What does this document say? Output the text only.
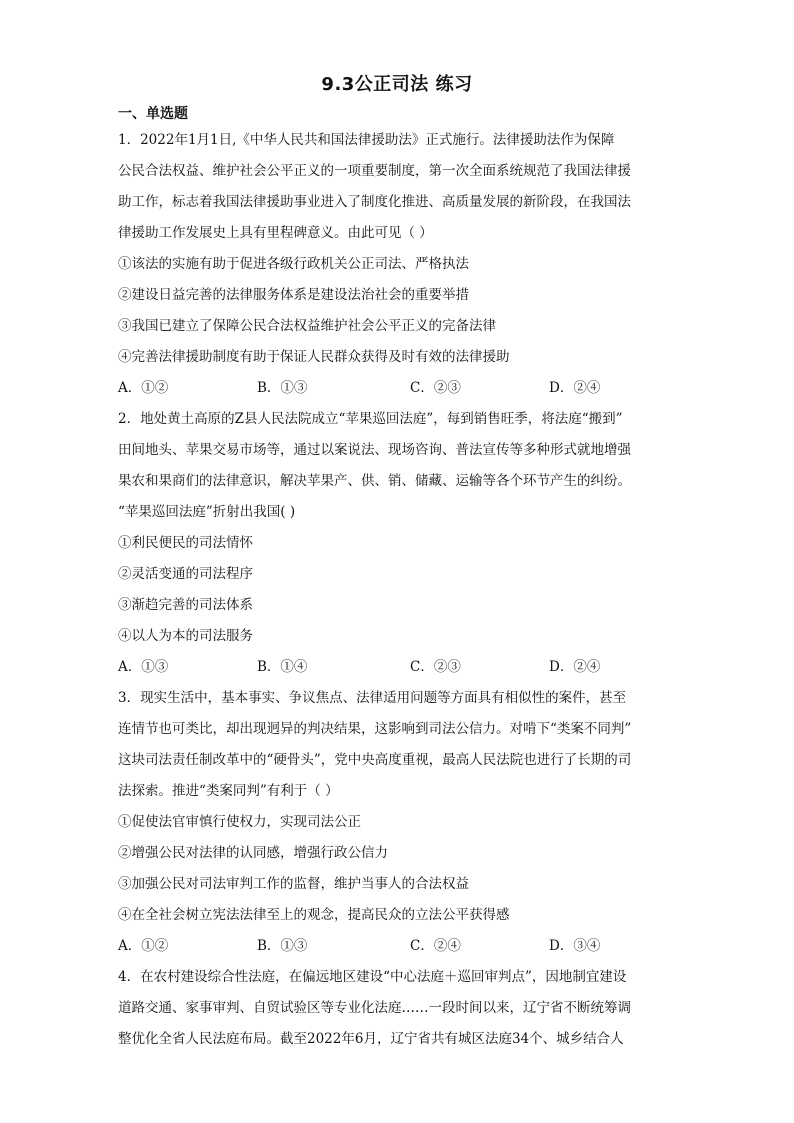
9.3公正司法 练习
一、单选题
1．2022年1月1日,《中华人民共和国法律援助法》正式施行。法律援助法作为保障
公民合法权益、维护社会公平正义的一项重要制度，第一次全面系统规范了我国法律援
助工作，标志着我国法律援助事业进入了制度化推进、高质量发展的新阶段，在我国法
律援助工作发展史上具有里程碑意义。由此可见（ ）
①该法的实施有助于促进各级行政机关公正司法、严格执法
②建设日益完善的法律服务体系是建设法治社会的重要举措
③我国已建立了保障公民合法权益维护社会公平正义的完备法律
④完善法律援助制度有助于保证人民群众获得及时有效的法律援助
A．①②	B．①③	C．②③	D．②④
2．地处黄土高原的Z县人民法院成立“苹果巡回法庭”，每到销售旺季，将法庭“搬到”
田间地头、苹果交易市场等，通过以案说法、现场咨询、普法宣传等多种形式就地增强
果农和果商们的法律意识，解决苹果产、供、销、储藏、运输等各个环节产生的纠纷。
“苹果巡回法庭”折射出我国( )
①利民便民的司法情怀
②灵活变通的司法程序
③渐趋完善的司法体系
④以人为本的司法服务
A．①③	B．①④	C．②③	D．②④
3．现实生活中，基本事实、争议焦点、法律适用问题等方面具有相似性的案件，甚至
连情节也可类比，却出现迥异的判决结果，这影响到司法公信力。对啃下“类案不同判”
这块司法责任制改革中的“硬骨头”，党中央高度重视，最高人民法院也进行了长期的司
法探索。推进“类案同判”有利于（ ）
①促使法官审慎行使权力，实现司法公正
②增强公民对法律的认同感，增强行政公信力
③加强公民对司法审判工作的监督，维护当事人的合法权益
④在全社会树立宪法法律至上的观念，提高民众的立法公平获得感
A．①②	B．①③	C．②④	D．③④
4．在农村建设综合性法庭，在偏远地区建设“中心法庭＋巡回审判点”，因地制宜建设
道路交通、家事审判、自贸试验区等专业化法庭……一段时间以来，辽宁省不断统筹调
整优化全省人民法庭布局。截至2022年6月，辽宁省共有城区法庭34个、城乡结合人
